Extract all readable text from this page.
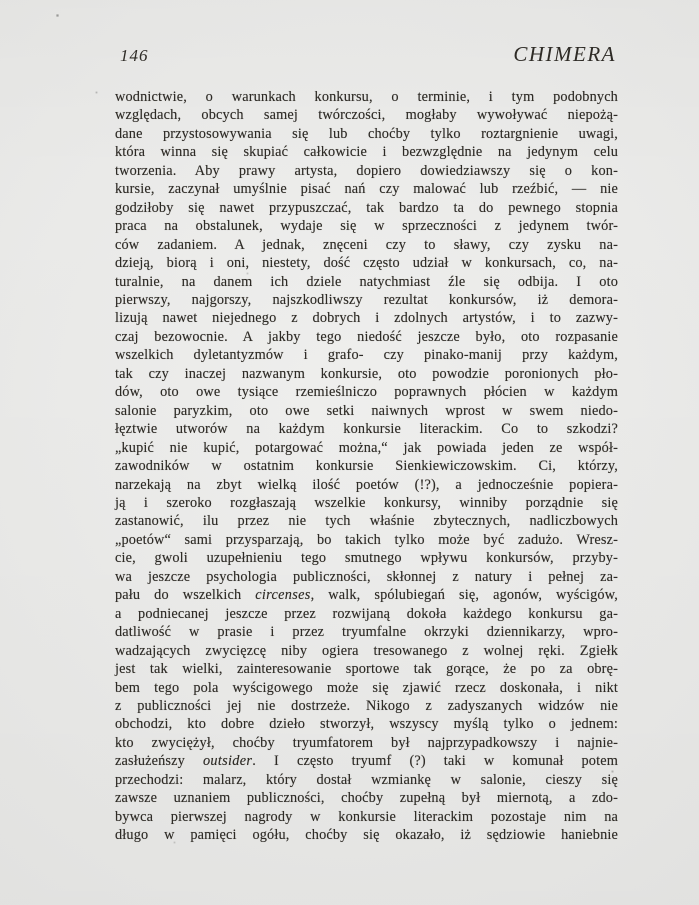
146	CHIMERA
wodnictwie, o warunkach konkursu, o terminie, i tym podobnych
względach, obcych samej twórczości, mogłaby wywoływać niepożą-
dane przystosowywania się lub choćby tylko roztargnienie uwagi,
która winna się skupiać całkowicie i bezwzględnie na jedynym celu
tworzenia. Aby prawy artysta, dopiero dowiedziawszy się o kon-
kursie, zaczynał umyślnie pisać nań czy malować lub rzeźbić, — nie
godziłoby się nawet przypuszczać, tak bardzo ta do pewnego stopnia
praca na obstalunek, wydaje się w sprzeczności z jedynem twór-
ców zadaniem. A jednak, znęceni czy to sławy, czy zysku na-
dzieją, biorą i oni, niestety, dość często udział w konkursach, co, na-
turalnie, na danem ich dziele natychmiast źle się odbija. I oto
pierwszy, najgorszy, najszkodliwszy rezultat konkursów, iż demora-
lizują nawet niejednego z dobrych i zdolnych artystów, i to zazwy-
czaj bezowocnie. A jakby tego niedość jeszcze było, oto rozpasanie
wszelkich dyletantyzmów i grafo- czy pinako-manij przy każdym,
tak czy inaczej nazwanym konkursie, oto powodzie poronionych pło-
dów, oto owe tysiące rzemieślniczo poprawnych płócien w każdym
salonie paryzkim, oto owe setki naiwnych wprost w swem niedo-
łęztwie utworów na każdym konkursie literackim. Co to szkodzi?
„kupić nie kupić, potargować można,“ jak powiada jeden ze współ-
zawodników w ostatnim konkursie Sienkiewiczowskim. Ci, którzy,
narzekają na zbyt wielką ilość poetów (!?), a jednocześnie popiera-
ją i szeroko rozgłaszają wszelkie konkursy, winniby porządnie się
zastanowić, ilu przez nie tych właśnie zbytecznych, nadliczbowych
„poetów“ sami przysparzają, bo takich tylko może być zadużo. Wresz-
cie, gwoli uzupełnieniu tego smutnego wpływu konkursów, przyby-
wa jeszcze psychologia publiczności, skłonnej z natury i pełnej za-
pału do wszelkich circenses, walk, spólubiegań się, agonów, wyścigów,
a podniecanej jeszcze przez rozwijaną dokoła każdego konkursu ga-
datliwość w prasie i przez tryumfalne okrzyki dziennikarzy, wpro-
wadzających zwycięzcę niby ogiera tresowanego z wolnej ręki. Zgiełk
jest tak wielki, zainteresowanie sportowe tak gorące, że po za obrę-
bem tego pola wyścigowego może się zjawić rzecz doskonała, i nikt
z publiczności jej nie dostrzeże. Nikogo z zadyszanych widzów nie
obchodzi, kto dobre dzieło stworzył, wszyscy myślą tylko o jednem:
kto zwyciężył, choćby tryumfatorem był najprzypadkowszy i najnie-
zasłużeńszy outsider. I często tryumf (?) taki w komunał potem
przechodzi: malarz, który dostał wzmiankę w salonie, cieszy się
zawsze uznaniem publiczności, choćby zupełną był miernotą, a zdo-
bywca pierwszej nagrody w konkursie literackim pozostaje nim na
długo w pamięci ogółu, choćby się okazało, iż sędziowie haniebnie
